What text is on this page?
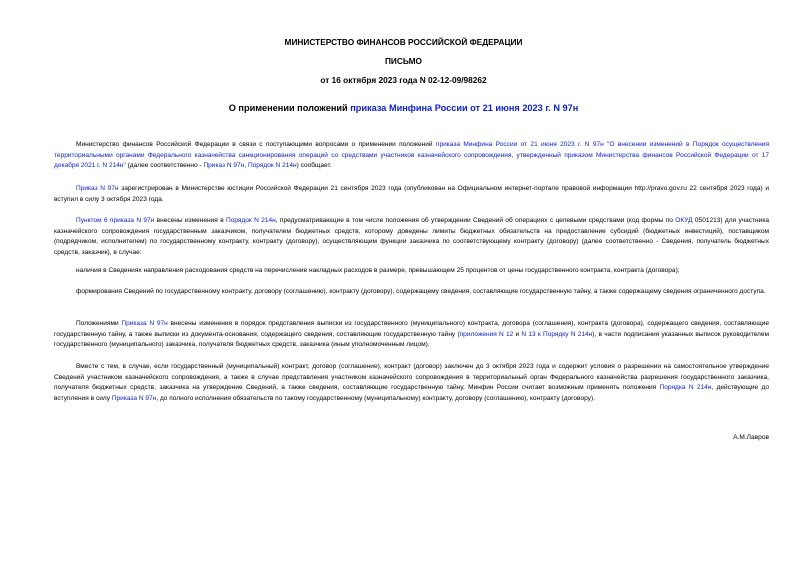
МИНИСТЕРСТВО ФИНАНСОВ РОССИЙСКОЙ ФЕДЕРАЦИИ
ПИСЬМО
от 16 октября 2023 года N 02-12-09/98262
О применении положений приказа Минфина России от 21 июня 2023 г. N 97н

Министерство финансов Российской Федерации в связи с поступающими вопросами о применении положений приказа Минфина России от 21 июня 2023 г. N 97н "О внесении изменений в Порядок осуществления территориальными органами Федерального казначейства санкционирования операций со средствами участников казначейского сопровождения, утвержденный приказом Министерства финансов Российской Федерации от 17 декабря 2021 г. N 214н" (далее соответственно - Приказ N 97н, Порядок N 214н) сообщает.

Приказ N 97н зарегистрирован в Министерстве юстиции Российской Федерации 21 сентября 2023 года (опубликован на Официальном интернет-портале правовой информации http://pravo.gov.ru 22 сентября 2023 года) и вступил в силу 3 октября 2023 года.

Пунктом 6 приказа N 97н внесены изменения в Порядок N 214н, предусматривающие в том числе положения об утверждении Сведений об операциях с целевыми средствами (код формы по ОКУД 0501213) для участника казначейского сопровождения государственным заказчиком, получателем бюджетных средств, которому доведены лимиты бюджетных обязательств на предоставление субсидий (бюджетных инвестиций), поставщиком (подрядчиком, исполнителем) по государственному контракту, контракту (договору), осуществляющим функции заказчика по соответствующему контракту (договору) (далее соответственно - Сведения, получатель бюджетных средств, заказчик), в случае:

наличия в Сведениях направления расходования средств на перечисление накладных расходов в размере, превышающем 25 процентов от цены государственного контракта, контракта (договора);

формирования Сведений по государственному контракту, договору (соглашению), контракту (договору), содержащему сведения, составляющие государственную тайну, а также содержащему сведения ограниченного доступа.

Положениями Приказа N 97н внесены изменения в порядок представления выписки из государственного (муниципального) контракта, договора (соглашения), контракта (договора), содержащего сведения, составляющие государственную тайну, а также выписки из документа-основания, содержащего сведения, составляющие государственную тайну (приложения N 12 и N 13 к Порядку N 214н), в части подписания указанных выписок руководителем государственного (муниципального) заказчика, получателя бюджетных средств, заказчика (иным уполномоченным лицом).

Вместе с тем, в случае, если государственный (муниципальный) контракт, договор (соглашение), контракт (договор) заключен до 3 октября 2023 года и содержит условия о разрешении на самостоятельное утверждение Сведений участником казначейского сопровождения, а также в случае представления участником казначейского сопровождения в территориальный орган Федерального казначейства разрешения государственного заказчика, получателя бюджетных средств, заказчика на утверждение Сведений, а также сведения, составляющие государственную тайну, Минфин России считает возможным применять положения Порядка N 214н, действующие до вступления в силу Приказа N 97н, до полного исполнения обязательств по такому государственному (муниципальному) контракту, договору (соглашению), контракту (договору).

А.М.Лавров
